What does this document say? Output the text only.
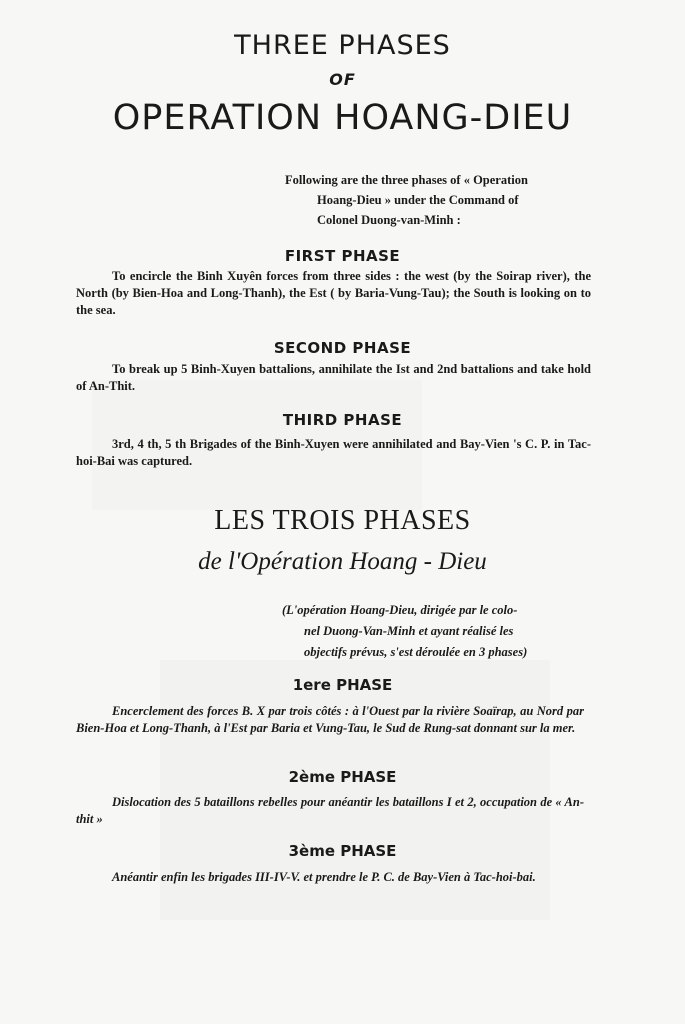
THREE PHASES
OF
OPERATION HOANG-DIEU
Following are the three phases of « Operation
Hoang-Dieu » under the Command of
Colonel Duong-van-Minh :
FIRST PHASE
To encircle the Binh Xuyên forces from three sides : the west (by the Soirap river), the North (by Bien-Hoa and Long-Thanh), the Est ( by Baria-Vung-Tau); the South is looking on to the sea.
SECOND PHASE
To break up 5 Binh-Xuyen battalions, annihilate the Ist and 2nd battalions and take hold of An-Thit.
THIRD PHASE
3rd, 4 th, 5 th Brigades of the Binh-Xuyen were annihilated and Bay-Vien 's C. P. in Tac-hoi-Bai was captured.
LES TROIS PHASES
de l'Opération Hoang - Dieu
(L'opération Hoang-Dieu, dirigée par le colo-
nel Duong-Van-Minh et ayant réalisé les
objectifs prévus, s'est déroulée en 3 phases)
1ere PHASE
Encerclement des forces B. X par trois côtés : à l'Ouest par la rivière Soaïrap, au Nord par Bien-Hoa et Long-Thanh, à l'Est par Baria et Vung-Tau, le Sud de Rung-sat donnant sur la mer.
2ème PHASE
Dislocation des 5 bataillons rebelles pour anéantir les bataillons I et 2, occupation de « An-thit »
3ème PHASE
Anéantir enfin les brigades III-IV-V. et prendre le P. C. de Bay-Vien à Tac-hoi-bai.
